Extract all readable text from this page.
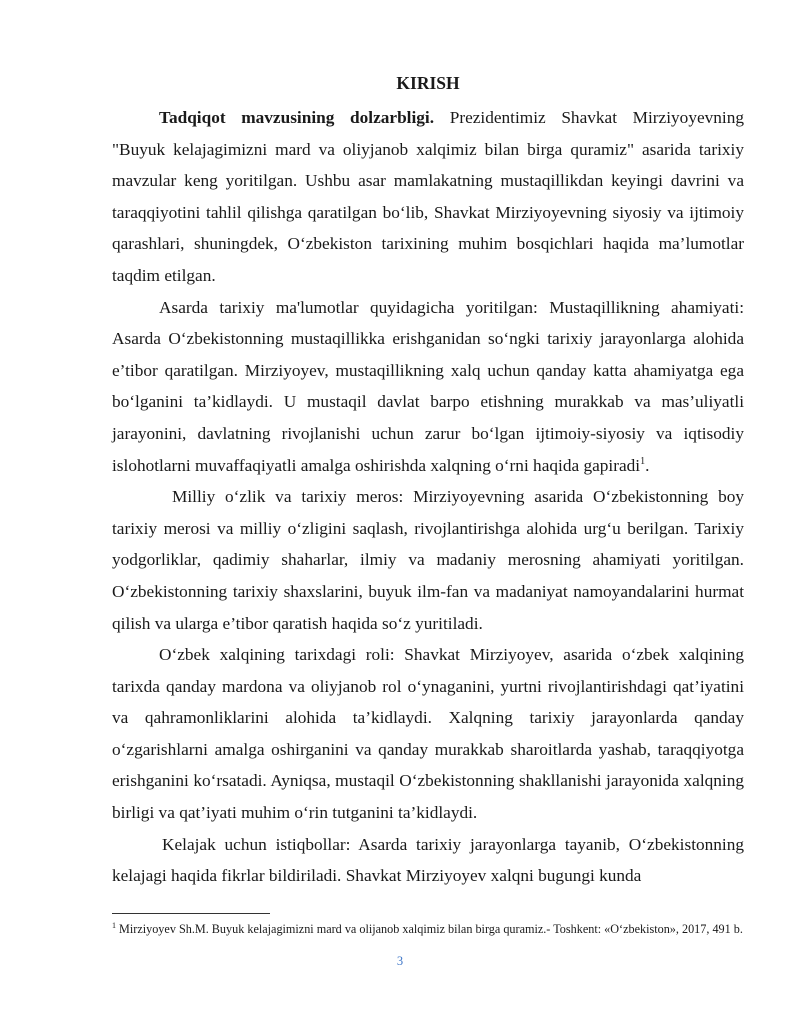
KIRISH

Tadqiqot mavzusining dolzarbligi. Prezidentimiz Shavkat Mirziyoyevning "Buyuk kelajagimizni mard va oliyjanob xalqimiz bilan birga quramiz" asarida tarixiy mavzular keng yoritilgan. Ushbu asar mamlakatning mustaqillikdan keyingi davrini va taraqqiyotini tahlil qilishga qaratilgan bo‘lib, Shavkat Mirziyoyevning siyosiy va ijtimoiy qarashlari, shuningdek, O‘zbekiston tarixining muhim bosqichlari haqida ma’lumotlar taqdim etilgan.

Asarda tarixiy ma'lumotlar quyidagicha yoritilgan: Mustaqillikning ahamiyati: Asarda O‘zbekistonning mustaqillikka erishganidan so‘ngki tarixiy jarayonlarga alohida e’tibor qaratilgan. Mirziyoyev, mustaqillikning xalq uchun qanday katta ahamiyatga ega bo‘lganini ta’kidlaydi. U mustaqil davlat barpo etishning murakkab va mas’uliyatli jarayonini, davlatning rivojlanishi uchun zarur bo‘lgan ijtimoiy-siyosiy va iqtisodiy islohotlarni muvaffaqiyatli amalga oshirishda xalqning o‘rni haqida gapiradi$^1$.

Milliy o‘zlik va tarixiy meros: Mirziyoyevning asarida O‘zbekistonning boy tarixiy merosi va milliy o‘zligini saqlash, rivojlantirishga alohida urg‘u berilgan. Tarixiy yodgorliklar, qadimiy shaharlar, ilmiy va madaniy merosning ahamiyati yoritilgan. O‘zbekistonning tarixiy shaxslarini, buyuk ilm-fan va madaniyat namoyandalarini hurmat qilish va ularga e’tibor qaratish haqida so‘z yuritiladi.

O‘zbek xalqining tarixdagi roli: Shavkat Mirziyoyev, asarida o‘zbek xalqining tarixda qanday mardona va oliyjanob rol o‘ynaganini, yurtni rivojlantirishdagi qat’iyatini va qahramonliklarini alohida ta’kidlaydi. Xalqning tarixiy jarayonlarda qanday o‘zgarishlarni amalga oshirganini va qanday murakkab sharoitlarda yashab, taraqqiyotga erishganini ko‘rsatadi. Ayniqsa, mustaqil O‘zbekistonning shakllanishi jarayonida xalqning birligi va qat’iyati muhim o‘rin tutganini ta’kidlaydi.

Kelajak uchun istiqbollar: Asarda tarixiy jarayonlarga tayanib, O‘zbekistonning kelajagi haqida fikrlar bildiriladi. Shavkat Mirziyoyev xalqni bugungi kunda

$^1$ Mirziyoyev Sh.M. Buyuk kelajagimizni mard va olijanob xalqimiz bilan birga quramiz.- Toshkent: «O‘zbekiston», 2017, 491 b.
3
